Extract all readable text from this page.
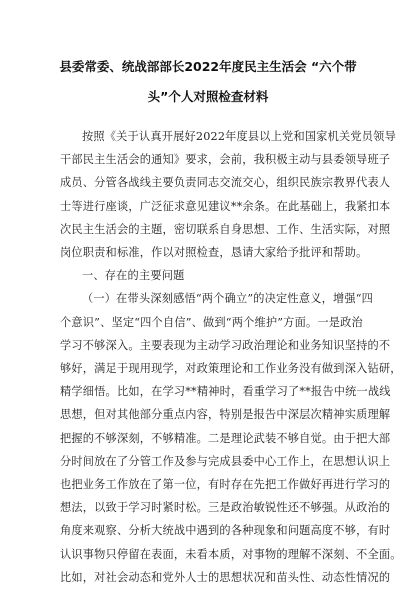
县委常委、统战部部长2022年度民主生活会 “六个带
头”个人对照检查材料
按照《关于认真开展好2022年度县以上党和国家机关党员领导
干部民主生活会的通知》要求，会前，我积极主动与县委领导班子
成员、分管各战线主要负责同志交流交心，组织民族宗教界代表人
士等进行座谈，广泛征求意见建议**余条。在此基础上，我紧扣本
次民主生活会的主题，密切联系自身思想、工作、生活实际，对照
岗位职责和标准，作以对照检查，恳请大家给予批评和帮助。
一、存在的主要问题
（一）在带头深刻感悟“两个确立”的决定性意义，增强“四
个意识”、坚定“四个自信”、做到“两个维护”方面。一是政治
学习不够深入。主要表现为主动学习政治理论和业务知识坚持的不
够好，满足于现用现学，对政策理论和工作业务没有做到深入钻研，
精学细悟。比如，在学习**精神时，看重学习了**报告中统一战线
思想，但对其他部分重点内容，特别是报告中深层次精神实质理解
把握的不够深刻，不够精准。二是理论武装不够自觉。由于把大部
分时间放在了分管工作及参与完成县委中心工作上，在思想认识上
也把业务工作放在了第一位，有时存在先把工作做好再进行学习的
想法，以致于学习时紧时松。三是政治敏锐性还不够强。从政治的
角度来观察、分析大统战中遇到的各种现象和问题高度不够，有时
认识事物只停留在表面，未看本质，对事物的理解不深刻、不全面。
比如，对社会动态和党外人士的思想状况和苗头性、动态性情况的
